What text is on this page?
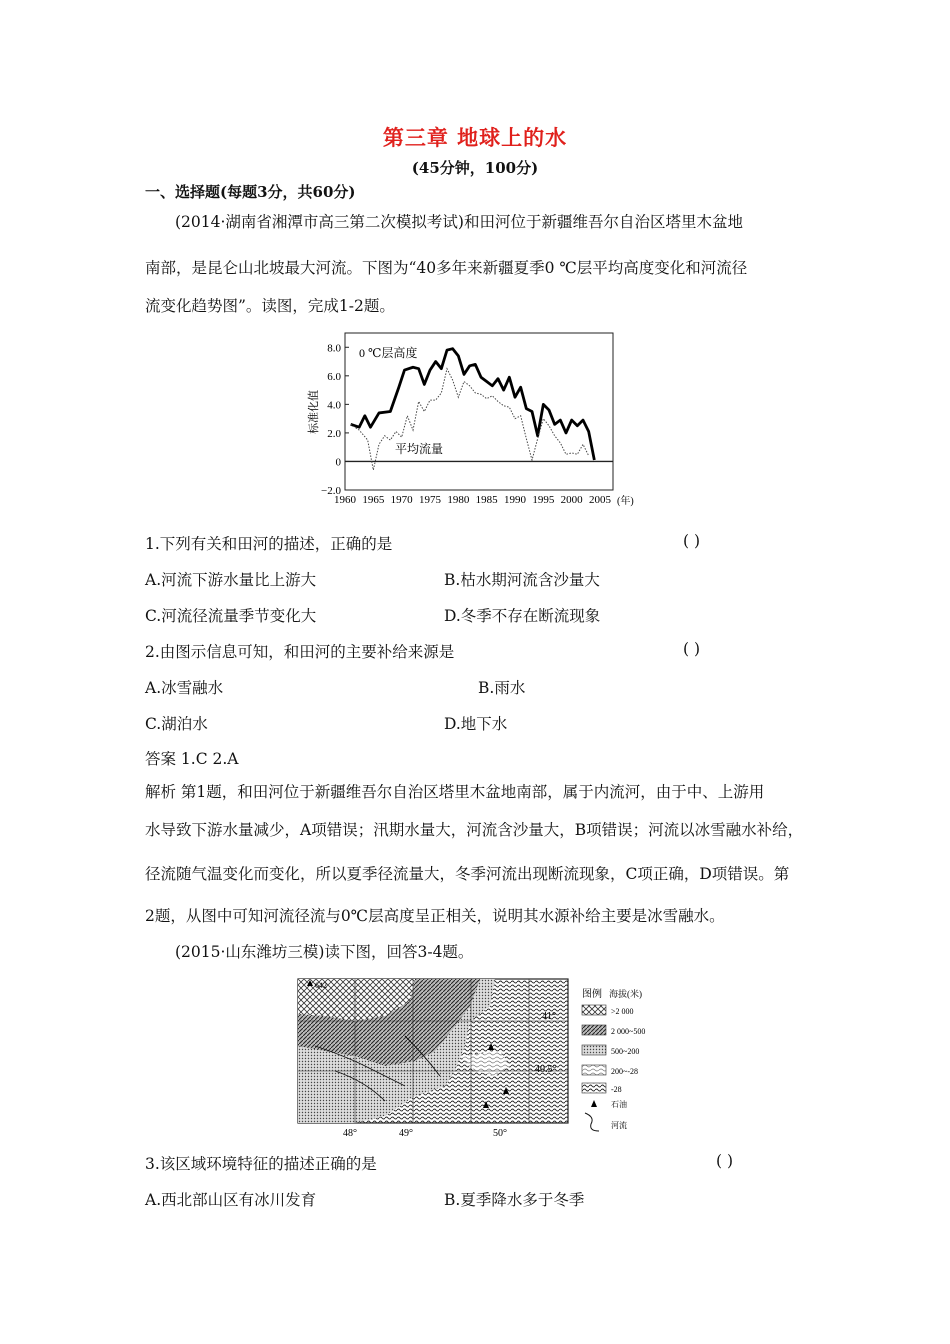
第三章 地球上的水
(45分钟，100分)
一、选择题(每题3分，共60分)
(2014·湖南省湘潭市高三第二次模拟考试)和田河位于新疆维吾尔自治区塔里木盆地
南部，是昆仑山北坡最大河流。下图为“40多年来新疆夏季0 ℃层平均高度变化和河流径
流变化趋势图”。读图，完成1-2题。
标准化值
8.0
6.0
4.0
2.0
0
−2.0
1960 1965 1970 1975 1980 1985 1990 1995 2000 2005
0 ℃层高度
平均流量
(年)
1.下列有关和田河的描述，正确的是	( )
A.河流下游水量比上游大	B.枯水期河流含沙量大
C.河流径流量季节变化大	D.冬季不存在断流现象
2.由图示信息可知，和田河的主要补给来源是	( )
A.冰雪融水	B.雨水
C.湖泊水	D.地下水
答案 1.C 2.A
解析 第1题，和田河位于新疆维吾尔自治区塔里木盆地南部，属于内流河，由于中、上游用
水导致下游水量减少，A项错误；汛期水量大，河流含沙量大，B项错误；河流以冰雪融水补给，
径流随气温变化而变化，所以夏季径流量大，冬季河流出现断流现象，C项正确，D项错误。第
2题，从图中可知河流径流与0℃层高度呈正相关，说明其水源补给主要是冰雪融水。
(2015·山东潍坊三模)读下图，回答3-4题。
642
41°
40.5°
48°	49°	50°
图例 海拔(米)
>2 000
2 000~500
500~200
200~-28
-28
石油
河流
3.该区域环境特征的描述正确的是	( )
A.西北部山区有冰川发育	B.夏季降水多于冬季
